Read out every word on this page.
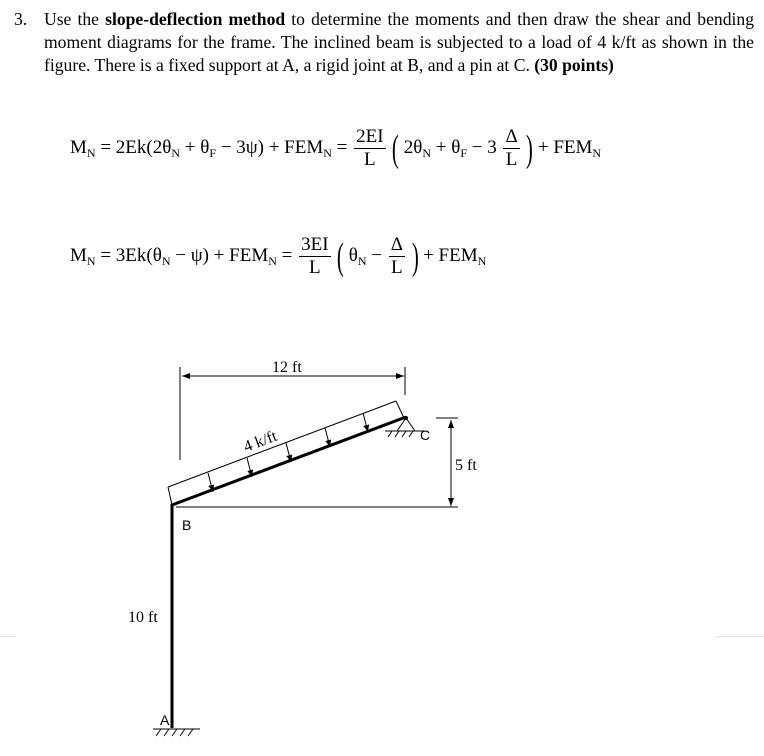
3. Use the slope-deflection method to determine the moments and then draw the shear and bending moment diagrams for the frame. The inclined beam is subjected to a load of 4 k/ft as shown in the figure. There is a fixed support at A, a rigid joint at B, and a pin at C. (30 points)
$M_N = 2Ek(2\theta_N + \theta_F - 3\psi) + FEM_N = \frac{2EI}{L}$ ( $2\theta_N + \theta_F - 3 \frac{\Delta}{L}$ ) + $FEM_N$
$M_N = 3Ek(\theta_N - \psi) + FEM_N = \frac{3EI}{L}$ ( $\theta_N - \frac{\Delta}{L}$ ) + $FEM_N$
12 ft
4 k/ft
5 ft
C
B
10 ft
A
